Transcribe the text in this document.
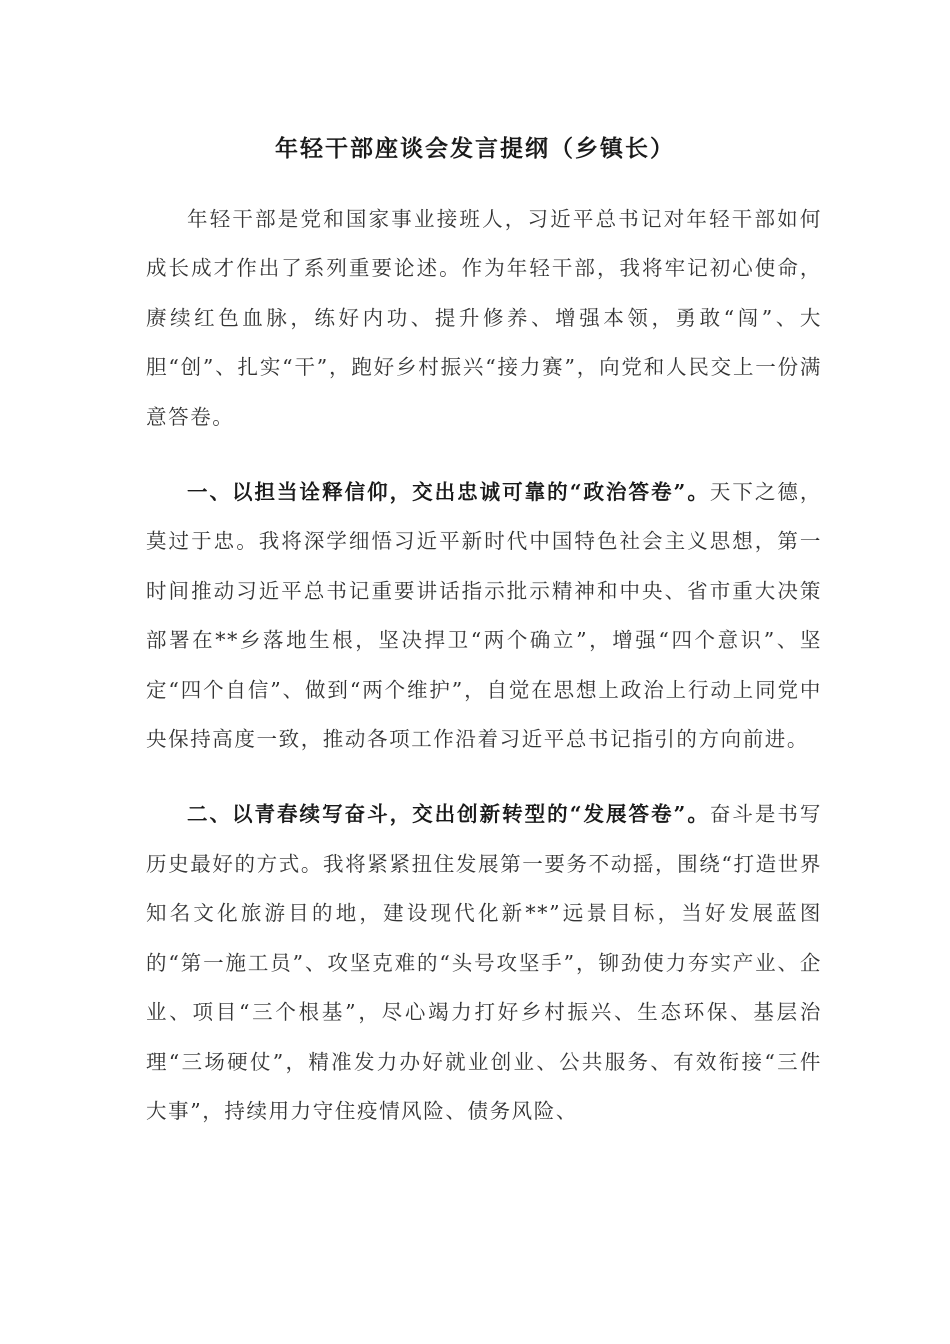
年轻干部座谈会发言提纲（乡镇长）

年轻干部是党和国家事业接班人，习近平总书记对年轻干部如何成长成才作出了系列重要论述。作为年轻干部，我将牢记初心使命，赓续红色血脉，练好内功、提升修养、增强本领，勇敢“闯”、大胆“创”、扎实“干”，跑好乡村振兴“接力赛”，向党和人民交上一份满意答卷。

一、以担当诠释信仰，交出忠诚可靠的“政治答卷”。天下之德，莫过于忠。我将深学细悟习近平新时代中国特色社会主义思想，第一时间推动习近平总书记重要讲话指示批示精神和中央、省市重大决策部署在**乡落地生根，坚决捍卫“两个确立”，增强“四个意识”、坚定“四个自信”、做到“两个维护”，自觉在思想上政治上行动上同党中央保持高度一致，推动各项工作沿着习近平总书记指引的方向前进。

二、以青春续写奋斗，交出创新转型的“发展答卷”。奋斗是书写历史最好的方式。我将紧紧扭住发展第一要务不动摇，围绕“打造世界知名文化旅游目的地，建设现代化新**”远景目标，当好发展蓝图的“第一施工员”、攻坚克难的“头号攻坚手”，铆劲使力夯实产业、企业、项目“三个根基”，尽心竭力打好乡村振兴、生态环保、基层治理“三场硬仗”，精准发力办好就业创业、公共服务、有效衔接“三件大事”，持续用力守住疫情风险、债务风险、
